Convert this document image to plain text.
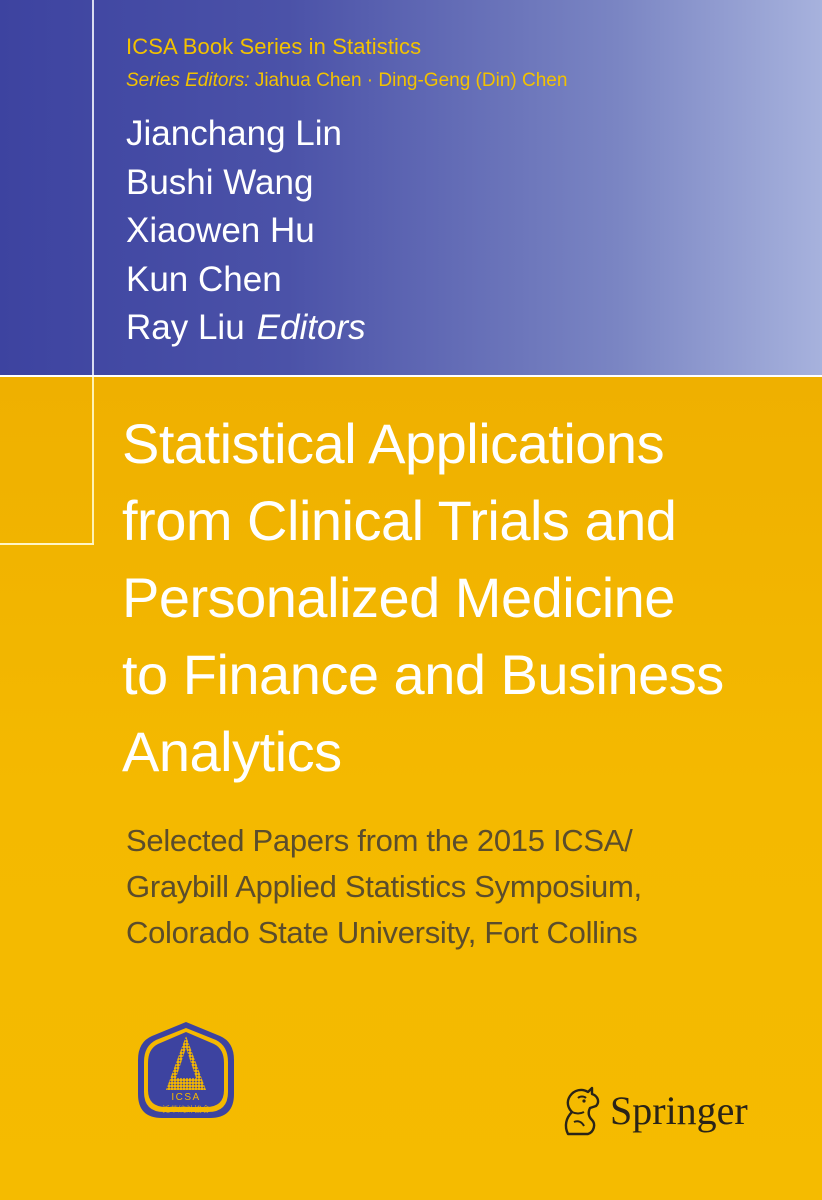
ICSA Book Series in Statistics

Series Editors: Jiahua Chen · Ding-Geng (Din) Chen

Jianchang Lin
Bushi Wang
Xiaowen Hu
Kun Chen
Ray Liu Editors
Statistical Applications
from Clinical Trials and
Personalized Medicine
to Finance and Business
Analytics

Selected Papers from the 2015 ICSA/
Graybill Applied Statistics Symposium,
Colorado State University, Fort Collins

ICSA
泛華統計協會	Springer
